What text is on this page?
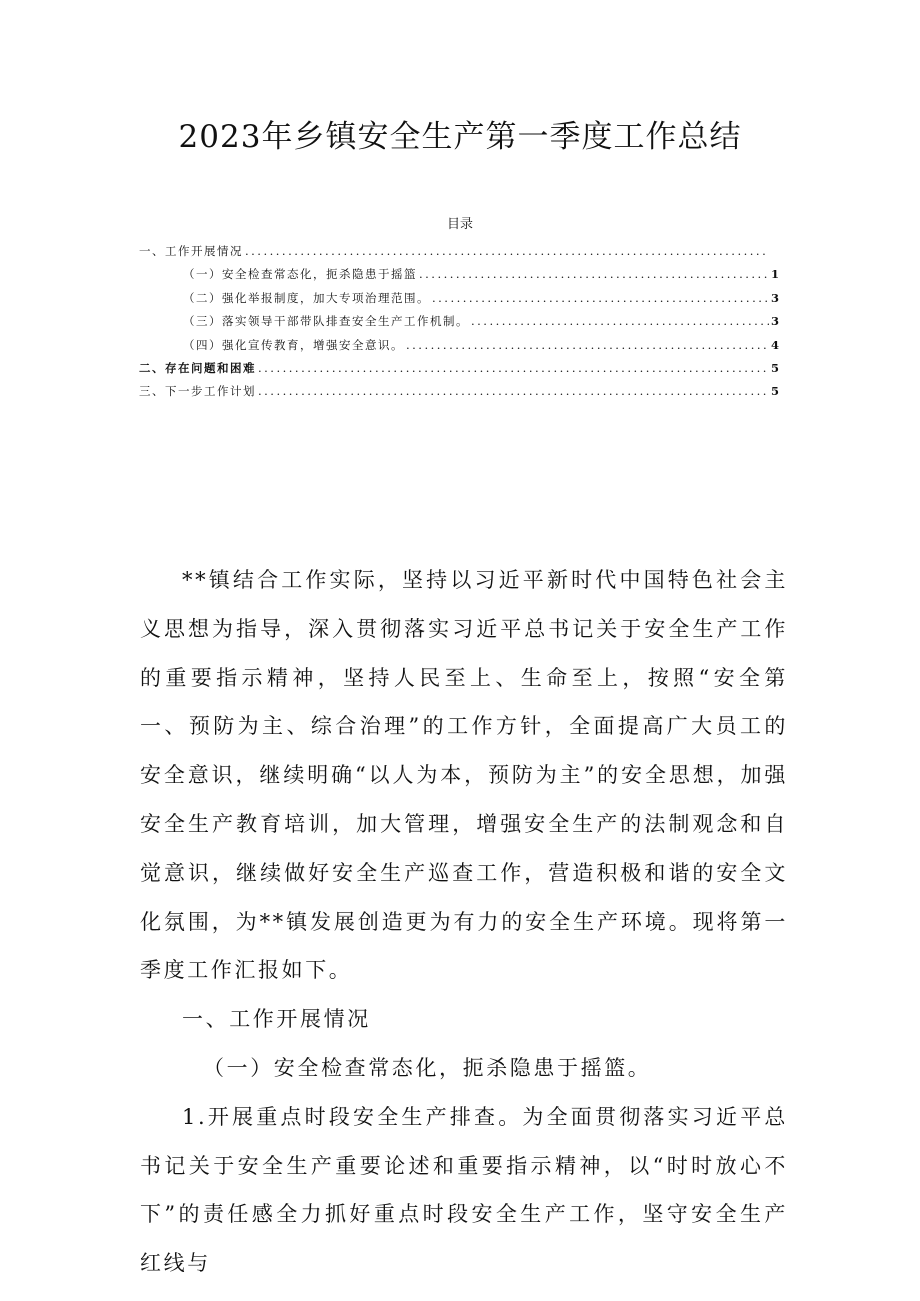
2023年乡镇安全生产第一季度工作总结
目录
一、工作开展情况
.....
（一）安全检查常态化，扼杀隐患于摇篮 .....	1
（二）强化举报制度，加大专项治理范围。 .....	3
（三）落实领导干部带队排查安全生产工作机制。 .....	3
（四）强化宣传教育，增强安全意识。 .....	4
二、存在问题和困难 .....	5
三、下一步工作计划 .....	5

**镇结合工作实际，坚持以习近平新时代中国特色社会主义思想为指导，深入贯彻落实习近平总书记关于安全生产工作的重要指示精神，坚持人民至上、生命至上，按照“安全第一、预防为主、综合治理”的工作方针，全面提高广大员工的安全意识，继续明确“以人为本，预防为主”的安全思想，加强安全生产教育培训，加大管理，增强安全生产的法制观念和自觉意识，继续做好安全生产巡查工作，营造积极和谐的安全文化氛围，为**镇发展创造更为有力的安全生产环境。现将第一季度工作汇报如下。

一、工作开展情况

（一）安全检查常态化，扼杀隐患于摇篮。

1.开展重点时段安全生产排查。为全面贯彻落实习近平总书记关于安全生产重要论述和重要指示精神，以“时时放心不下”的责任感全力抓好重点时段安全生产工作，坚守安全生产红线与
